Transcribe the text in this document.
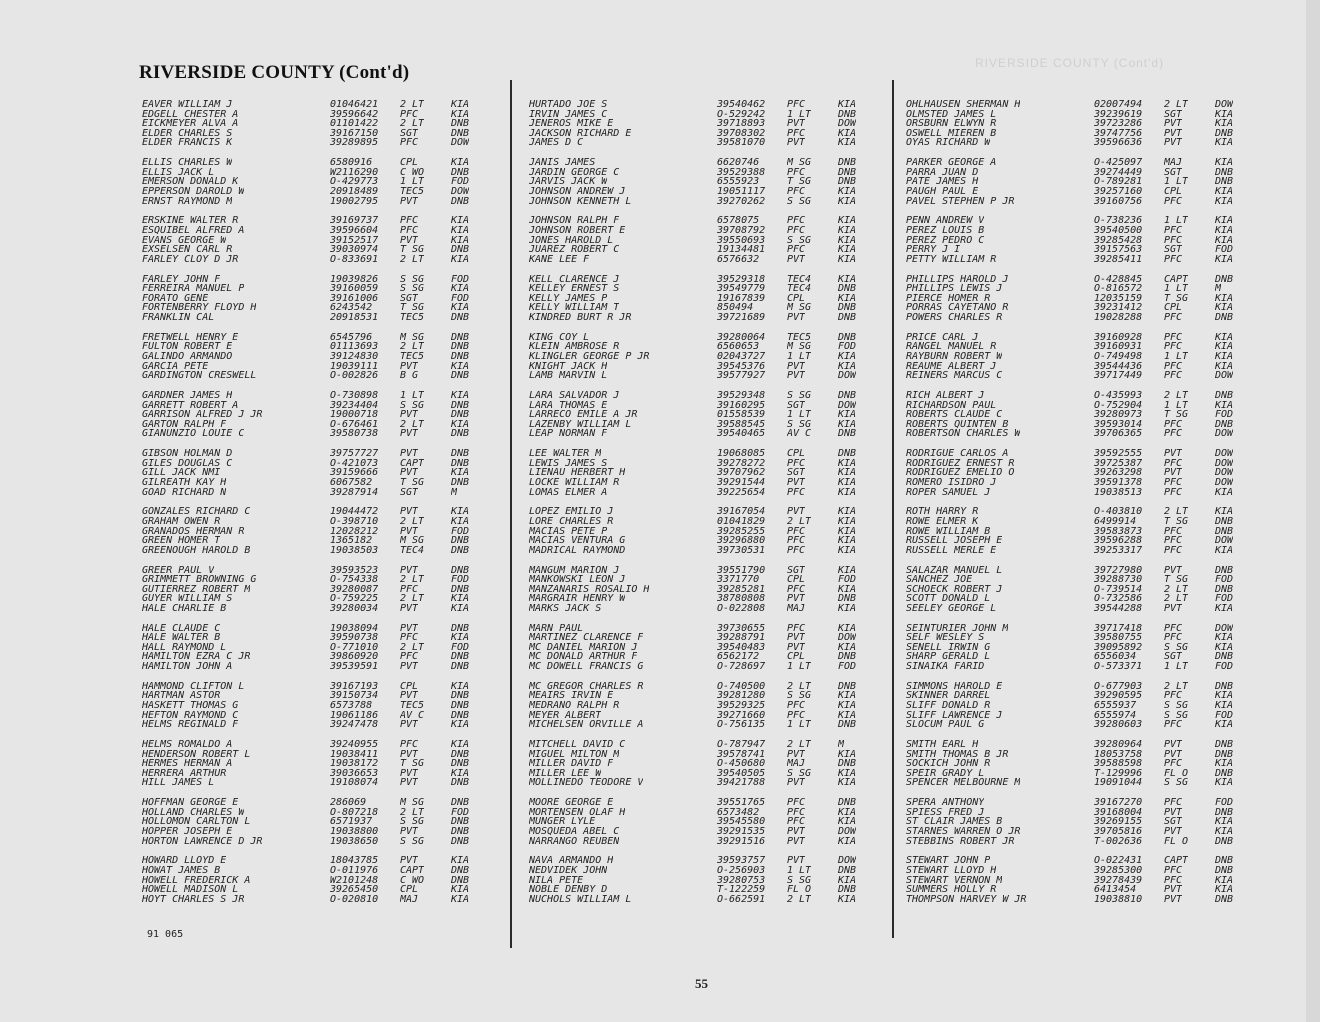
RIVERSIDE COUNTY (Cont'd)
RIVERSIDE COUNTY (Cont'd)
EAVER WILLIAM J	01046421 2 LT	KIA
EDGELL CHESTER A	39596642 PFC	KIA
EICKMEYER ALVA A	01101422 2 LT	DNB
ELDER CHARLES S	39167150 SGT	DNB
ELDER FRANCIS K	39289895 PFC	DOW
ELLIS CHARLES W	6580916	CPL	KIA
ELLIS JACK L	W2116290 C WO	DNB
EMERSON DONALD K	O-429773 1 LT	FOD
EPPERSON DAROLD W	20918489 TEC5	DOW
ERNST RAYMOND M	19002795 PVT	DNB
ERSKINE WALTER R	39169737 PFC	KIA
ESQUIBEL ALFRED A	39596604 PFC	KIA
EVANS GEORGE W	39152517 PVT	KIA
EXSELSEN CARL R	39030974 T SG	DNB
FARLEY CLOY D JR	O-833691 2 LT	KIA
FARLEY JOHN F	19039826 S SG	FOD
FERREIRA MANUEL P	39160059 S SG	KIA
FORATO GENE	39161006 SGT	FOD
FORTENBERRY FLOYD H	6243542	T SG	KIA
FRANKLIN CAL	20918531 TEC5	DNB
FRETWELL HENRY E	6545796	M SG	DNB
FULTON ROBERT E	01113693 2 LT	DNB
GALINDO ARMANDO	39124830 TEC5	DNB
GARCIA PETE	19039111 PVT	KIA
GARDINGTON CRESWELL	O-002826 B G	DNB
GARDNER JAMES H	O-730898 1 LT	KIA
GARRETT ROBERT A	39234404 S SG	DNB
GARRISON ALFRED J JR	19000718 PVT	DNB
GARTON RALPH F	O-676461 2 LT	KIA
GIANUNZIO LOUIE C	39580738 PVT	DNB
GIBSON HOLMAN D	39757727 PVT	DNB
GILES DOUGLAS C	O-421073 CAPT	DNB
GILL JACK NMI	39159666 PVT	KIA
GILREATH KAY H	6067582	T SG	DNB
GOAD RICHARD N	39287914 SGT	M
GONZALES RICHARD C	19044472 PVT	KIA
GRAHAM OWEN R	O-398710 2 LT	KIA
GRANADOS HERMAN R	12028212 PVT	FOD
GREEN HOMER T	1365182	M SG	DNB
GREENOUGH HAROLD B	19038503 TEC4	DNB
GREER PAUL V	39593523 PVT	DNB
GRIMMETT BROWNING G	O-754338 2 LT	FOD
GUTIERREZ ROBERT M	39280087 PFC	DNB
GUYER WILLIAM S	O-759225 2 LT	KIA
HALE CHARLIE B	39280034 PVT	KIA
HALE CLAUDE C	19038094 PVT	DNB
HALE WALTER B	39590738 PFC	KIA
HALL RAYMOND L	O-771010 2 LT	FOD
HAMILTON EZRA C JR	39860920 PFC	DNB
HAMILTON JOHN A	39539591 PVT	DNB
HAMMOND CLIFTON L	39167193 CPL	KIA
HARTMAN ASTOR	39150734 PVT	DNB
HASKETT THOMAS G	6573788	TEC5	DNB
HEFTON RAYMOND C	19061186 AV C	DNB
HELMS REGINALD F	39247478 PVT	KIA
HELMS ROMALDO A	39240955 PFC	KIA
HENDERSON ROBERT L	19038411 PVT	DNB
HERMES HERMAN A	19038172 T SG	DNB
HERRERA ARTHUR	39036653 PVT	KIA
HILL JAMES L	19108074 PVT	DNB
HOFFMAN GEORGE E	286069	M SG	DNB
HOLLAND CHARLES W	O-807218 2 LT	FOD
HOLLOMON CARLTON L	6571937	S SG	DNB
HOPPER JOSEPH E	19038800 PVT	DNB
HORTON LAWRENCE D JR	19038650 S SG	DNB
HOWARD LLOYD E	18043785 PVT	KIA
HOWAT JAMES B	O-011976 CAPT	DNB
HOWELL FREDERICK A	W2101248 C WO	DNB
HOWELL MADISON L	39265450 CPL	KIA
HOYT CHARLES S JR	O-020810 MAJ	KIA
HURTADO JOE S	39540462 PFC	KIA
IRVIN JAMES C	O-529242 1 LT	DNB
JENEROS MIKE E	39718893 PVT	DOW
JACKSON RICHARD E	39708302 PFC	KIA
JAMES D C	39581070 PVT	KIA
JANIS JAMES	6620746	M SG	DNB
JARDIN GEORGE C	39529388 PFC	DNB
JARVIS JACK W	6555923	T SG	DNB
JOHNSON ANDREW J	19051117 PFC	KIA
JOHNSON KENNETH L	39270262 S SG	KIA
JOHNSON RALPH F	6578075	PFC	KIA
JOHNSON ROBERT E	39708792 PFC	KIA
JONES HAROLD L	39550693 S SG	KIA
JUAREZ ROBERT C	19134481 PFC	KIA
KANE LEE F	6576632	PVT	KIA
KELL CLARENCE J	39529318 TEC4	KIA
KELLEY ERNEST S	39549779 TEC4	DNB
KELLY JAMES P	19167839 CPL	KIA
KELLY WILLIAM T	850494	M SG	DNB
KINDRED BURT R JR	39721689 PVT	DNB
KING COY L	39280064 TEC5	DNB
KLEIN AMBROSE R	6560653	M SG	FOD
KLINGLER GEORGE P JR	02043727 1 LT	KIA
KNIGHT JACK H	39545376 PVT	KIA
LAMB MARVIN L	39577927 PVT	DOW
LARA SALVADOR J	39529348 S SG	DNB
LARA THOMAS E	39160295 SGT	DOW
LARRECO EMILE A JR	01558539 1 LT	KIA
LAZENBY WILLIAM L	39588545 S SG	KIA
LEAP NORMAN F	39540465 AV C	DNB
LEE WALTER M	19068085 CPL	DNB
LEWIS JAMES S	39278272 PFC	KIA
LIENAU HERBERT H	39707962 SGT	KIA
LOCKE WILLIAM R	39291544 PVT	KIA
LOMAS ELMER A	39225654 PFC	KIA
LOPEZ EMILIO J	39167054 PVT	KIA
LORE CHARLES R	01041829 2 LT	KIA
MACIAS PETE P	39285255 PFC	KIA
MACIAS VENTURA G	39296880 PFC	KIA
MADRICAL RAYMOND	39730531 PFC	KIA
MANGUM MARION J	39551790 SGT	KIA
MANKOWSKI LEON J	3371770	CPL	FOD
MANZANARIS ROSALIO H	39285281 PFC	KIA
MARGRAIR HENRY W	38780808 PVT	DNB
MARKS JACK S	O-022808 MAJ	KIA
MARN PAUL	39730655 PFC	KIA
MARTINEZ CLARENCE F	39288791 PVT	DOW
MC DANIEL MARION J	39540483 PVT	KIA
MC DONALD ARTHUR F	6562172	CPL	DNB
MC DOWELL FRANCIS G	O-728697 1 LT	FOD
MC GREGOR CHARLES R	O-740500 2 LT	DNB
MEAIRS IRVIN E	39281280 S SG	KIA
MEDRANO RALPH R	39529325 PFC	KIA
MEYER ALBERT	39271660 PFC	KIA
MICHELSEN ORVILLE A	O-756135 1 LT	DNB
MITCHELL DAVID C	O-787947 2 LT	M
MIGUEL MILTON M	39578741 PVT	KIA
MILLER DAVID F	O-450680 MAJ	DNB
MILLER LEE W	39540505 S SG	KIA
MOLLINEDO TEODORE V	39421788 PVT	KIA
MOORE GEORGE E	39551765 PFC	DNB
MORTENSEN OLAF H	6573482	PFC	KIA
MUNGER LYLE	39545580 PFC	KIA
MOSQUEDA ABEL C	39291535 PVT	DOW
NARRANGO REUBEN	39291516 PVT	KIA
NAVA ARMANDO H	39593757 PVT	DOW
NEDVIDEK JOHN	O-256903 1 LT	DNB
NILA PETE	39280753 S SG	KIA
NOBLE DENBY D	T-122259 FL O	DNB
NUCHOLS WILLIAM L	O-662591 2 LT	KIA
OHLHAUSEN SHERMAN H	02007494 2 LT	DOW
OLMSTED JAMES L	39239619 SGT	KIA
ORSBURN ELWYN R	39723286 PVT	KIA
OSWELL MIEREN B	39747756 PVT	DNB
OYAS RICHARD W	39596636 PVT	KIA
PARKER GEORGE A	O-425097 MAJ	KIA
PARRA JUAN D	39274449 SGT	DNB
PATE JAMES H	O-789281 1 LT	DNB
PAUGH PAUL E	39257160 CPL	KIA
PAVEL STEPHEN P JR	39160756 PFC	KIA
PENN ANDREW V	O-738236 1 LT	KIA
PEREZ LOUIS B	39540500 PFC	KIA
PEREZ PEDRO C	39285428 PFC	KIA
PERRY J I	39157563 SGT	FOD
PETTY WILLIAM R	39285411 PFC	KIA
PHILLIPS HAROLD J	O-428845 CAPT	DNB
PHILLIPS LEWIS J	O-816572 1 LT	M
PIERCE HOMER R	12035159 T SG	KIA
PORRAS CAYETANO R	39231412 CPL	KIA
POWERS CHARLES R	19028288 PFC	DNB
PRICE CARL J	39160928 PFC	KIA
RANGEL MANUEL R	39160931 PFC	KIA
RAYBURN ROBERT W	O-749498 1 LT	KIA
REAUME ALBERT J	39544436 PFC	KIA
REINERS MARCUS C	39717449 PFC	DOW
RICH ALBERT J	O-435993 2 LT	DNB
RICHARDSON PAUL	O-752904 1 LT	KIA
ROBERTS CLAUDE C	39280973 T SG	FOD
ROBERTS QUINTEN B	39593014 PFC	DNB
ROBERTSON CHARLES W	39706365 PFC	DOW
RODRIGUE CARLOS A	39592555 PVT	DOW
RODRIGUEZ ERNEST R	39725387 PFC	DOW
RODRIGUEZ EMELIO O	39263298 PVT	DOW
ROMERO ISIDRO J	39591378 PFC	DOW
ROPER SAMUEL J	19038513 PFC	KIA
ROTH HARRY R	O-403810 2 LT	KIA
ROWE ELMER K	6499914	T SG	DNB
ROWE WILLIAM B	39583873 PFC	DNB
RUSSELL JOSEPH E	39596288 PFC	DOW
RUSSELL MERLE E	39253317 PFC	KIA
SALAZAR MANUEL L	39727980 PVT	DNB
SANCHEZ JOE	39288730 T SG	FOD
SCHOECK ROBERT J	O-739514 2 LT	DNB
SCOTT DONALD L	O-732586 2 LT	FOD
SEELEY GEORGE L	39544288 PVT	KIA
SEINTURIER JOHN M	39717418 PFC	DOW
SELF WESLEY S	39580755 PFC	KIA
SENELL IRWIN G	39095892 S SG	KIA
SHARP GERALD L	6556034	SGT	DNB
SINAIKA FARID	O-573371 1 LT	FOD
SIMMONS HAROLD E	O-677903 2 LT	DNB
SKINNER DARREL	39290595 PFC	KIA
SLIFF DONALD R	6555937	S SG	KIA
SLIFF LAWRENCE J	6555974	S SG	FOD
SLOCUM PAUL G	39280603 PFC	KIA
SMITH EARL H	39280964 PVT	DNB
SMITH THOMAS B JR	18053758 PVT	DNB
SOCKICH JOHN R	39588598 PFC	KIA
SPEIR GRADY L	T-129996 FL O	DNB
SPENCER MELBOURNE M	19091044 S SG	KIA
SPERA ANTHONY	39167270 PFC	FOD
SPIESS FRED J	39168004 PVT	DNB
ST CLAIR JAMES B	39269155 SGT	KIA
STARNES WARREN O JR	39705816 PVT	KIA
STEBBINS ROBERT JR	T-002636 FL O	DNB
STEWART JOHN P	O-022431 CAPT	DNB
STEWART LLOYD H	39285300 PFC	DNB
STEWART VERNON M	39278439 PFC	KIA
SUMMERS HOLLY R	6413454	PVT	KIA
THOMPSON HARVEY W JR	19038810 PVT	DNB
91 065
55
